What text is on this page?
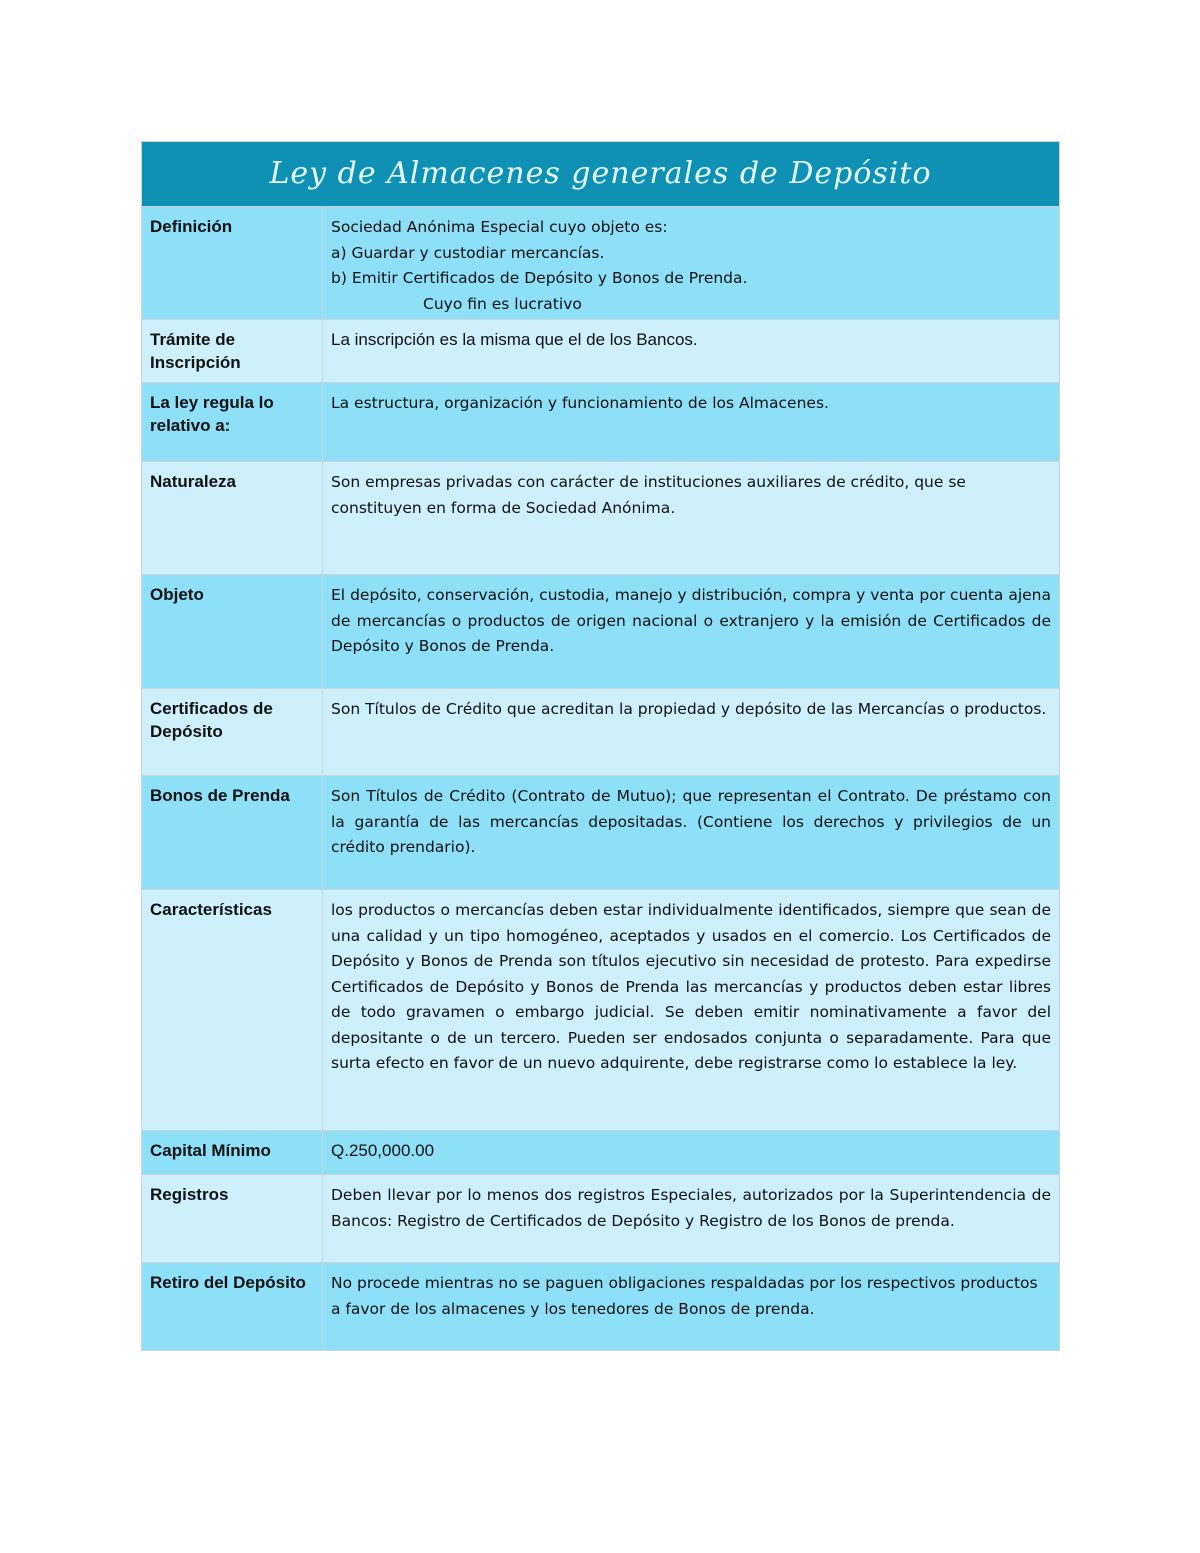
Ley de Almacenes generales de Depósito	
Definición	Sociedad Anónima Especial cuyo objeto es:
a) Guardar y custodiar mercancías.
b) Emitir Certificados de Depósito y Bonos de Prenda.
Cuyo fin es lucrativo

Trámite de Inscripción	La inscripción es la misma que el de los Bancos.
La ley regula lo relativo a:	La estructura, organización y funcionamiento de los Almacenes.
Naturaleza	Son empresas privadas con carácter de instituciones auxiliares de crédito, que se constituyen en forma de Sociedad Anónima.
Objeto	El depósito, conservación, custodia, manejo y distribución, compra y venta por cuenta ajena de mercancías o productos de origen nacional o extranjero y la emisión de Certificados de Depósito y Bonos de Prenda.
Certificados de Depósito	Son Títulos de Crédito que acreditan la propiedad y depósito de las Mercancías o productos.
Bonos de Prenda	Son Títulos de Crédito (Contrato de Mutuo); que representan el Contrato. De préstamo con la garantía de las mercancías depositadas. (Contiene los derechos y privilegios de un crédito prendario).
Características	los productos o mercancías deben estar individualmente identificados, siempre que sean de una calidad y un tipo homogéneo, aceptados y usados en el comercio. Los Certificados de Depósito y Bonos de Prenda son títulos ejecutivo sin necesidad de protesto. Para expedirse Certificados de Depósito y Bonos de Prenda las mercancías y productos deben estar libres de todo gravamen o embargo judicial. Se deben emitir nominativamente a favor del depositante o de un tercero. Pueden ser endosados conjunta o separadamente. Para que surta efecto en favor de un nuevo adquirente, debe registrarse como lo establece la ley.
Capital Mínimo	Q.250,000.00
Registros	Deben llevar por lo menos dos registros Especiales, autorizados por la Superintendencia de Bancos: Registro de Certificados de Depósito y Registro de los Bonos de prenda.
Retiro del Depósito	No procede mientras no se paguen obligaciones respaldadas por los respectivos productos a favor de los almacenes y los tenedores de Bonos de prenda.
